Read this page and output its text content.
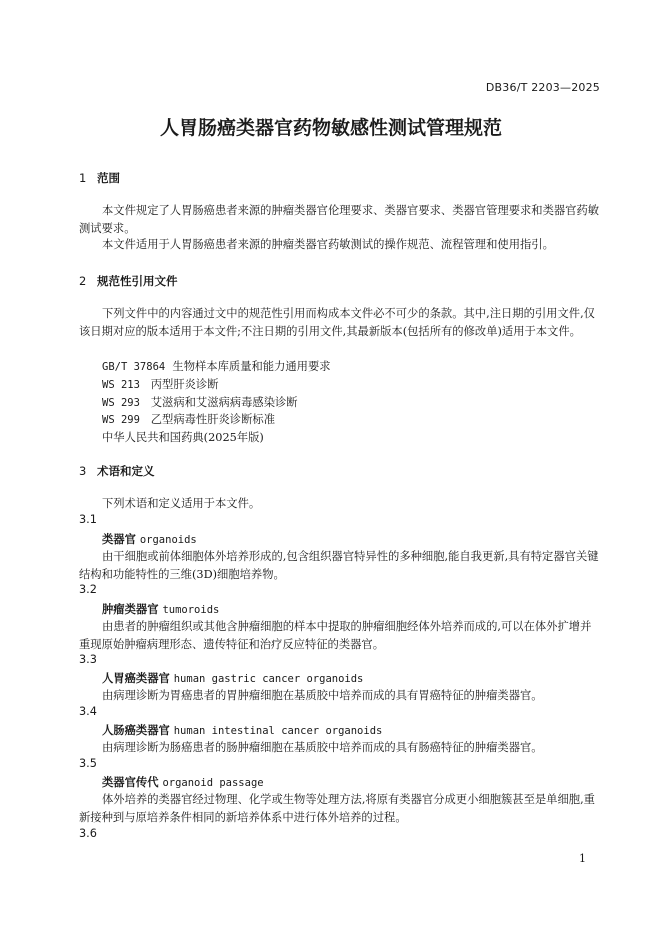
DB36/T 2203—2025
人胃肠癌类器官药物敏感性测试管理规范
1 范围
本文件规定了人胃肠癌患者来源的肿瘤类器官伦理要求、类器官要求、类器官管理要求和类器官药敏测试要求。
本文件适用于人胃肠癌患者来源的肿瘤类器官药敏测试的操作规范、流程管理和使用指引。
2 规范性引用文件
下列文件中的内容通过文中的规范性引用而构成本文件必不可少的条款。其中,注日期的引用文件,仅该日期对应的版本适用于本文件;不注日期的引用文件,其最新版本(包括所有的修改单)适用于本文件。
GB/T 37864 生物样本库质量和能力通用要求
WS 213 丙型肝炎诊断
WS 293 艾滋病和艾滋病病毒感染诊断
WS 299 乙型病毒性肝炎诊断标准
中华人民共和国药典(2025年版)
3 术语和定义
下列术语和定义适用于本文件。
3.1
类器官 organoids
由干细胞或前体细胞体外培养形成的,包含组织器官特异性的多种细胞,能自我更新,具有特定器官关键结构和功能特性的三维(3D)细胞培养物。
3.2
肿瘤类器官 tumoroids
由患者的肿瘤组织或其他含肿瘤细胞的样本中提取的肿瘤细胞经体外培养而成的,可以在体外扩增并重现原始肿瘤病理形态、遗传特征和治疗反应特征的类器官。
3.3
人胃癌类器官 human gastric cancer organoids
由病理诊断为胃癌患者的胃肿瘤细胞在基质胶中培养而成的具有胃癌特征的肿瘤类器官。
3.4
人肠癌类器官 human intestinal cancer organoids
由病理诊断为肠癌患者的肠肿瘤细胞在基质胶中培养而成的具有肠癌特征的肿瘤类器官。
3.5
类器官传代 organoid passage
体外培养的类器官经过物理、化学或生物等处理方法,将原有类器官分成更小细胞簇甚至是单细胞,重新接种到与原培养条件相同的新培养体系中进行体外培养的过程。
3.6
1
